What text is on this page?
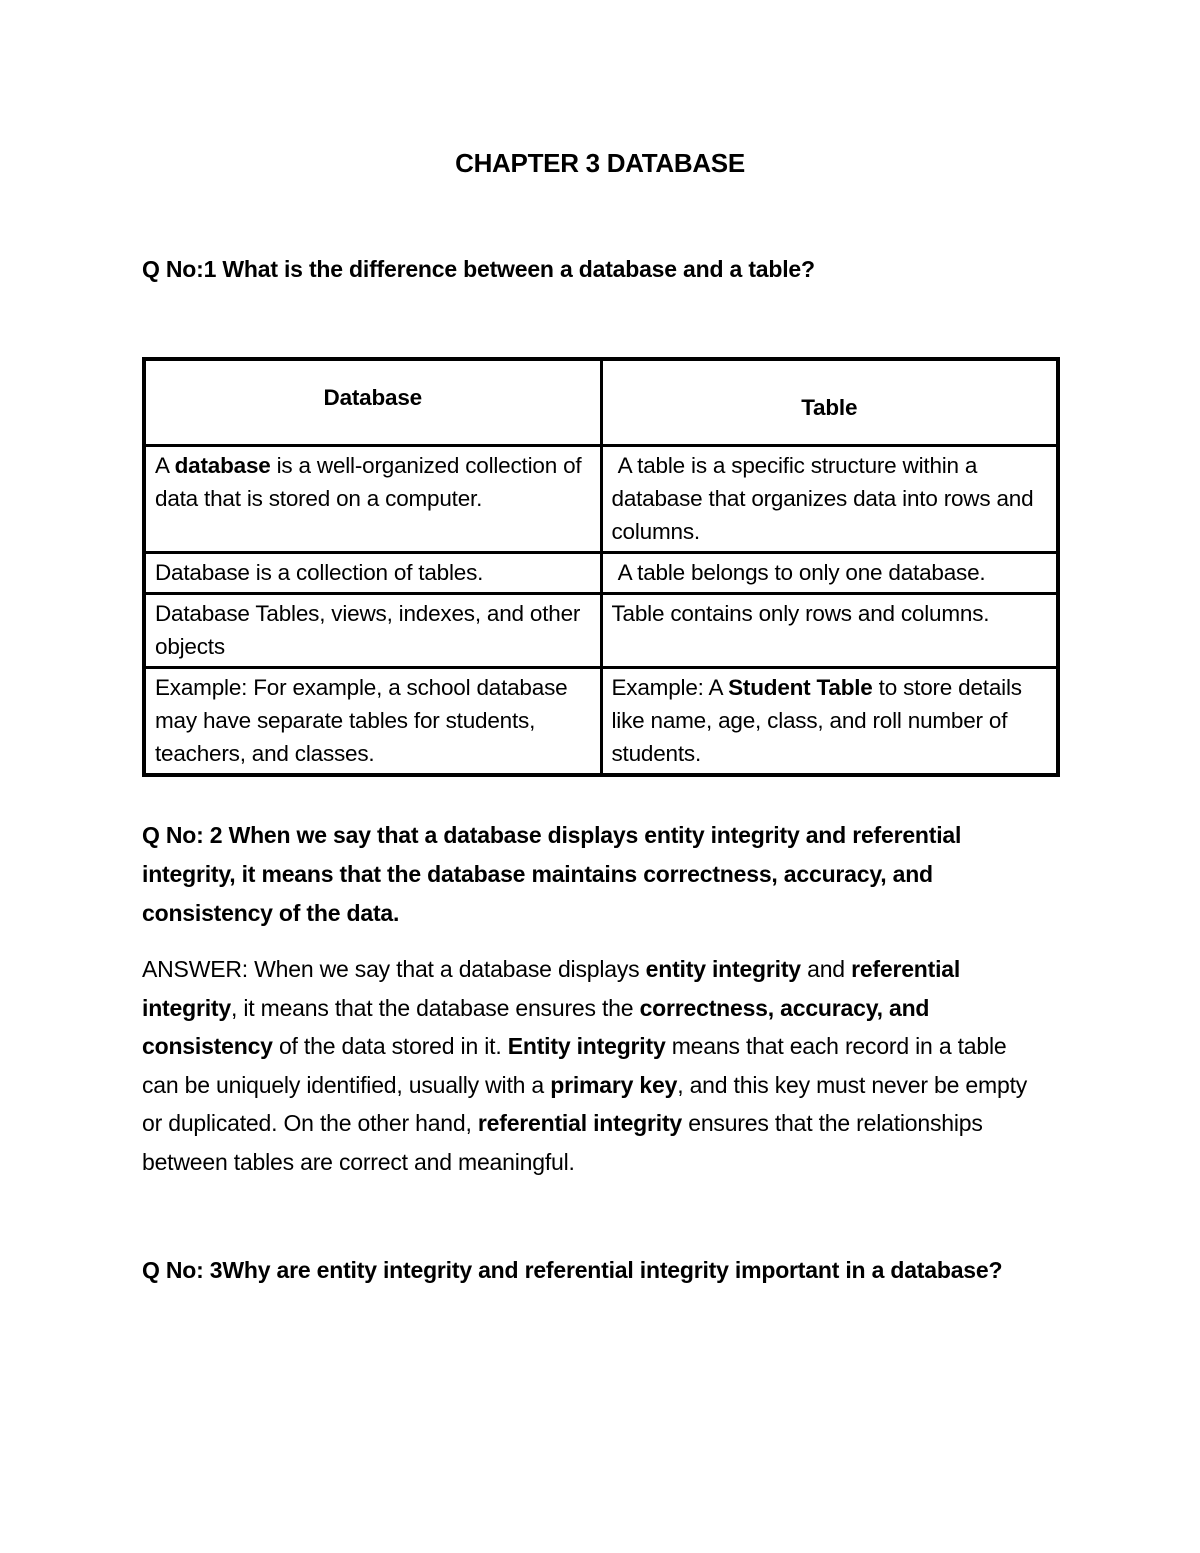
CHAPTER 3 DATABASE
Q No:1 What is the difference between a database and a table?
Database	Table
A database is a well-organized collection of data that is stored on a computer.	A table is a specific structure within a database that organizes data into rows and columns.
Database is a collection of tables.	A table belongs to only one database.
Database Tables, views, indexes, and other objects	Table contains only rows and columns.
Example: For example, a school database may have separate tables for students, teachers, and classes.	Example: A Student Table to store details like name, age, class, and roll number of students.
Q No: 2 When we say that a database displays entity integrity and referential integrity, it means that the database maintains correctness, accuracy, and consistency of the data.
ANSWER: When we say that a database displays entity integrity and referential integrity, it means that the database ensures the correctness, accuracy, and consistency of the data stored in it. Entity integrity means that each record in a table can be uniquely identified, usually with a primary key, and this key must never be empty or duplicated. On the other hand, referential integrity ensures that the relationships between tables are correct and meaningful.
Q No: 3Why are entity integrity and referential integrity important in a database?
